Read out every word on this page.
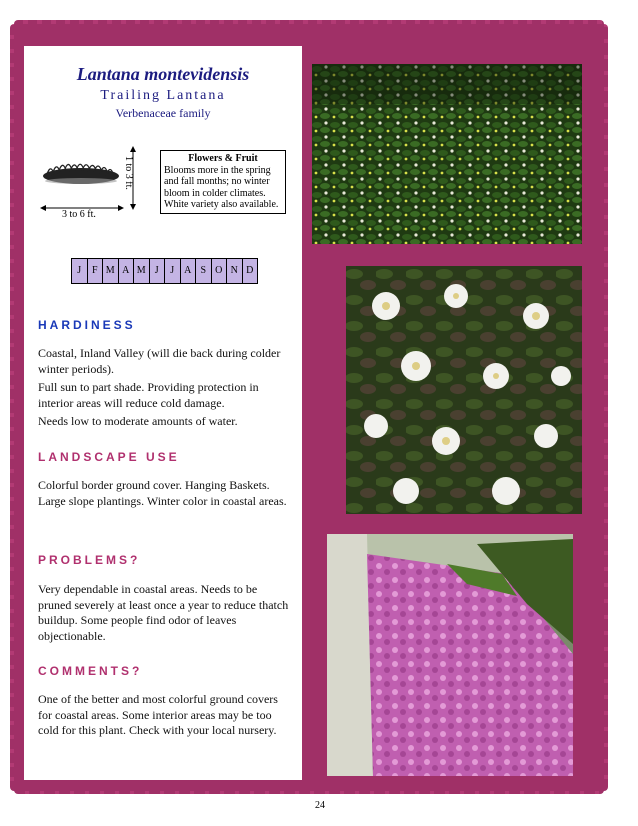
Lantana montevidensis
Trailing Lantana
Verbenaceae family
1 to 3 ft.
3 to 6 ft.
Flowers & Fruit
Blooms more in the spring
and fall months; no winter
bloom in colder climates.
White variety also available.
J	F M A M J	J A S O N D
HARDINESS
Coastal, Inland Valley (will die back during colder winter periods).
Full sun to part shade. Providing protection in interior areas will reduce cold damage.
Needs low to moderate amounts of water.
LANDSCAPE USE
Colorful border ground cover. Hanging Baskets. Large slope plantings. Winter color in coastal areas.
PROBLEMS?
Very dependable in coastal areas. Needs to be pruned severely at least once a year to reduce thatch buildup. Some people find odor of leaves objectionable.
COMMENTS?
One of the better and most colorful ground covers for coastal areas. Some interior areas may be too cold for this plant. Check with your local nursery.
24
